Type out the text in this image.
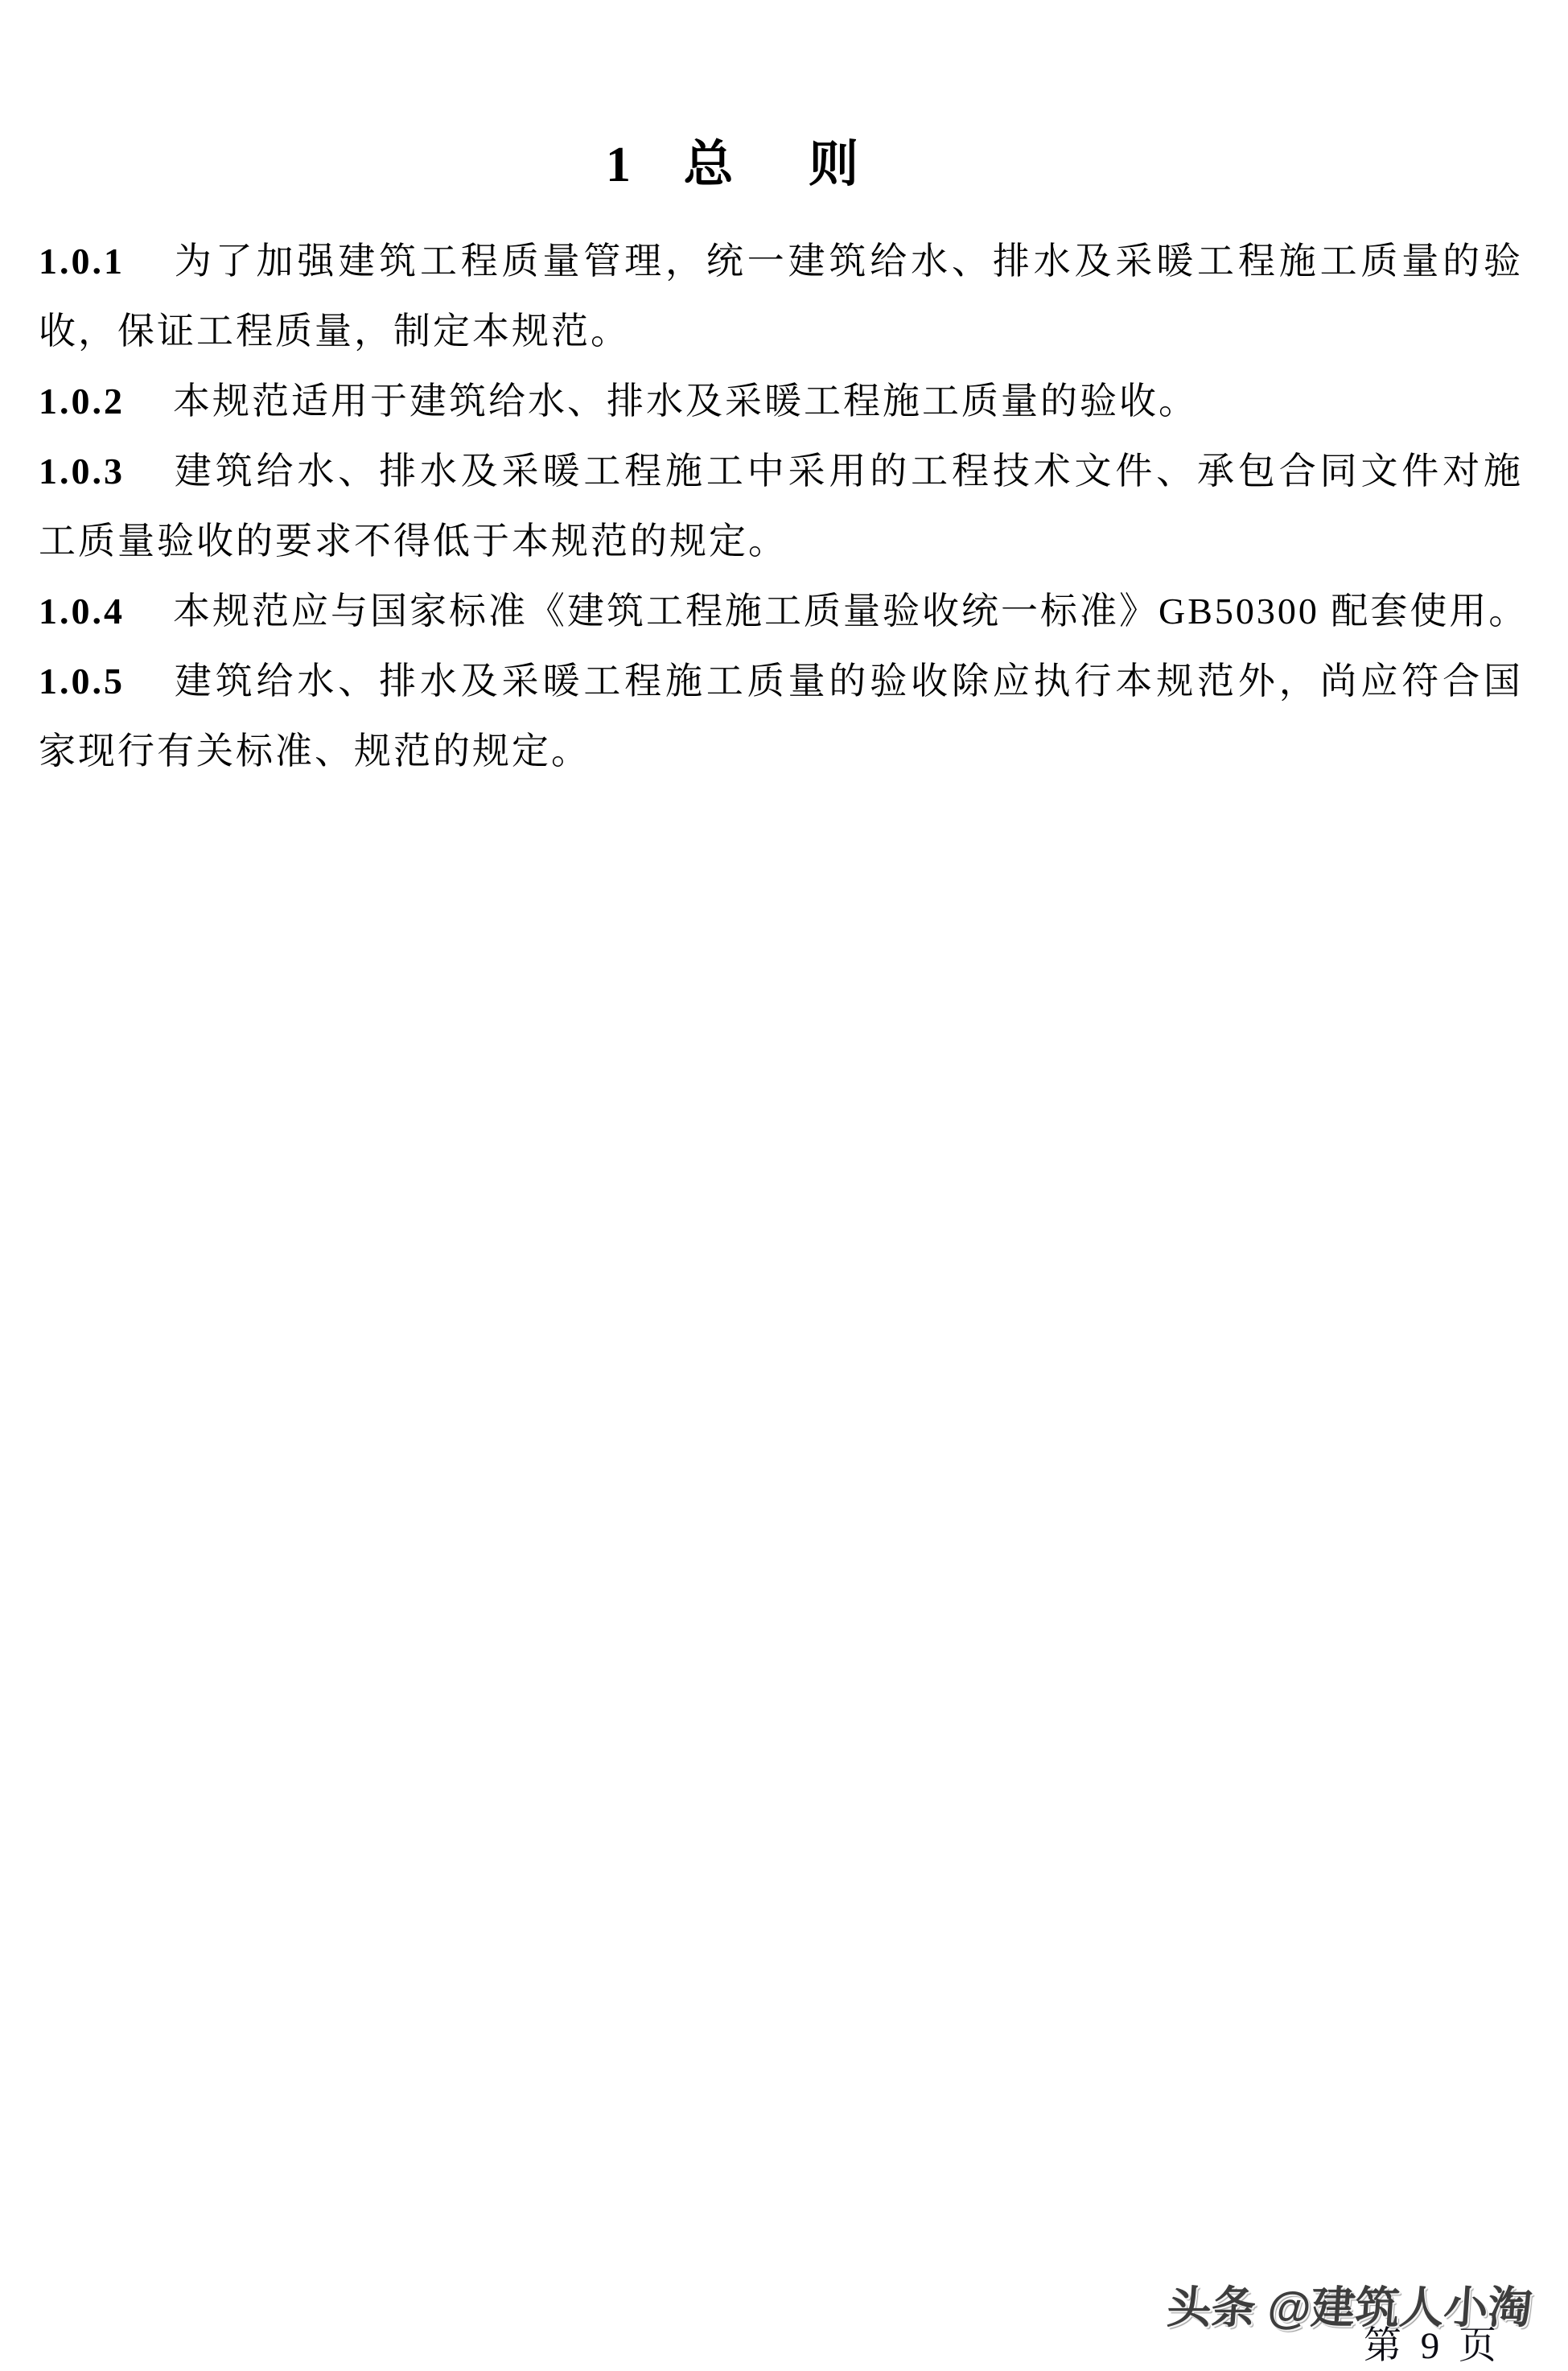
1 总 则
1.0.1 为了加强建筑工程质量管理，统一建筑给水、排水及采暖工程施工质量的验
收，保证工程质量，制定本规范。
1.0.2 本规范适用于建筑给水、排水及采暖工程施工质量的验收。
1.0.3 建筑给水、排水及采暖工程施工中采用的工程技术文件、承包合同文件对施
工质量验收的要求不得低于本规范的规定。
1.0.4 本规范应与国家标准《建筑工程施工质量验收统一标准》GB50300 配套使用。
1.0.5 建筑给水、排水及采暖工程施工质量的验收除应执行本规范外，尚应符合国
家现行有关标准、规范的规定。
头条 @建筑人小淘
第 9 页
